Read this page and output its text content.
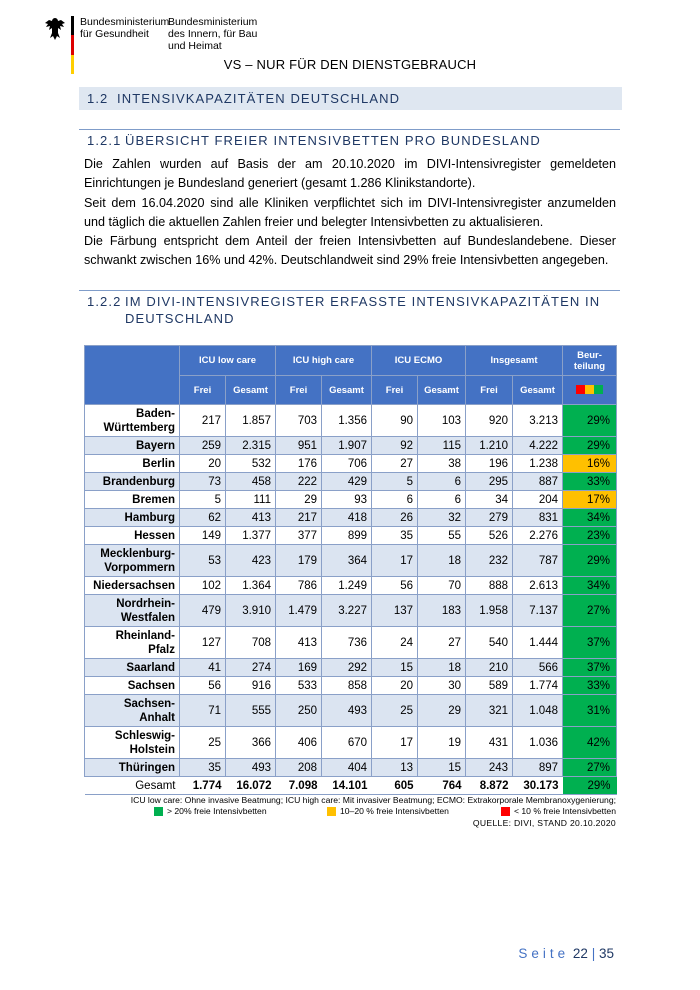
Bundesministerium
für Gesundheit
Bundesministerium
des Innern, für Bau
und Heimat
VS – NUR FÜR DEN DIENSTGEBRAUCH
1.2 INTENSIVKAPAZITÄTEN DEUTSCHLAND
1.2.1 ÜBERSICHT FREIER INTENSIVBETTEN PRO BUNDESLAND

Die Zahlen wurden auf Basis der am 20.10.2020 im DIVI-Intensivregister gemeldeten Einrichtungen je Bundesland generiert (gesamt 1.286 Klinikstandorte).

Seit dem 16.04.2020 sind alle Kliniken verpflichtet sich im DIVI-Intensivregister anzumelden und täglich die aktuellen Zahlen freier und belegter Intensivbetten zu aktualisieren.

Die Färbung entspricht dem Anteil der freien Intensivbetten auf Bundeslandebene. Dieser schwankt zwischen 16% und 42%. Deutschlandweit sind 29% freie Intensivbetten angegeben.

1.2.2 IM DIVI-INTENSIVREGISTER ERFASSTE INTENSIVKAPAZITÄTEN IN
DEUTSCHLAND
	ICU low care		ICU high care		ICU ECMO		Insgesamt		Beur-
teilung
	Frei	Gesamt	Frei	Gesamt	Frei	Gesamt	Frei	Gesamt	
Baden-
Württemberg	217	1.857	703	1.356	90	103	920	3.213	29%
Bayern	259	2.315	951	1.907	92	115	1.210	4.222	29%
Berlin	20	532	176	706	27	38	196	1.238	16%
Brandenburg	73	458	222	429	5	6	295	887	33%
Bremen	5	111	29	93	6	6	34	204	17%
Hamburg	62	413	217	418	26	32	279	831	34%
Hessen	149	1.377	377	899	35	55	526	2.276	23%
Mecklenburg-
Vorpommern	53	423	179	364	17	18	232	787	29%
Niedersachsen	102	1.364	786	1.249	56	70	888	2.613	34%
Nordrhein-
Westfalen	479	3.910	1.479	3.227	137	183	1.958	7.137	27%
Rheinland-
Pfalz	127	708	413	736	24	27	540	1.444	37%
Saarland	41	274	169	292	15	18	210	566	37%
Sachsen	56	916	533	858	20	30	589	1.774	33%
Sachsen-
Anhalt	71	555	250	493	25	29	321	1.048	31%
Schleswig-
Holstein	25	366	406	670	17	19	431	1.036	42%
Thüringen	35	493	208	404	13	15	243	897	27%
Gesamt	1.774	16.072	7.098	14.101	605	764	8.872	30.173	29%
ICU low care: Ohne invasive Beatmung; ICU high care: Mit invasiver Beatmung; ECMO: Extrakorporale Membranoxygenierung;
> 20% freie Intensivbetten	10–20 % freie Intensivbetten	< 10 % freie Intensivbetten
QUELLE: DIVI, STAND 20.10.2020
Seite 22 | 35
